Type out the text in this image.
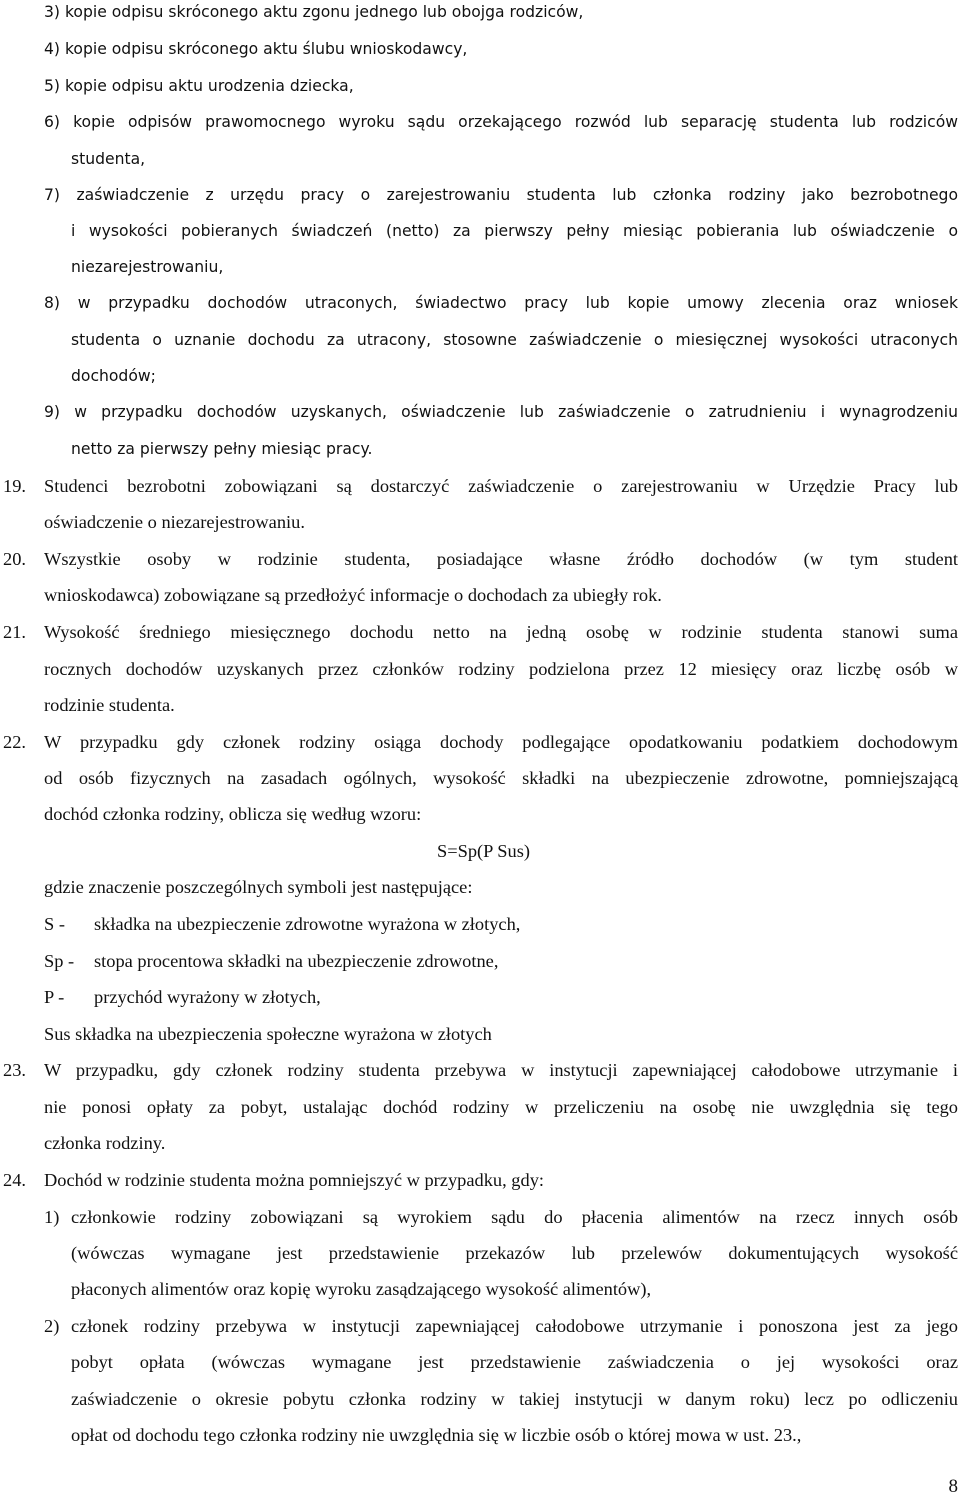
3) kopie odpisu skróconego aktu zgonu jednego lub obojga rodziców,
4) kopie odpisu skróconego aktu ślubu wnioskodawcy,
5) kopie odpisu aktu urodzenia dziecka,
6) kopie odpisów prawomocnego wyroku sądu orzekającego rozwód lub separację studenta lub rodziców
studenta,
7) zaświadczenie z urzędu pracy o zarejestrowaniu studenta lub członka rodziny jako bezrobotnego
i wysokości pobieranych świadczeń (netto) za pierwszy pełny miesiąc pobierania lub oświadczenie o
niezarejestrowaniu,
8) w przypadku dochodów utraconych, świadectwo pracy lub kopie umowy zlecenia oraz wniosek
studenta o uznanie dochodu za utracony, stosowne zaświadczenie o miesięcznej wysokości utraconych
dochodów;
9) w przypadku dochodów uzyskanych, oświadczenie lub zaświadczenie o zatrudnieniu i wynagrodzeniu
netto za pierwszy pełny miesiąc pracy.
19. Studenci bezrobotni zobowiązani są dostarczyć zaświadczenie o zarejestrowaniu w Urzędzie Pracy lub
oświadczenie o niezarejestrowaniu.
20. Wszystkie osoby w rodzinie studenta, posiadające własne źródło dochodów (w tym student
wnioskodawca) zobowiązane są przedłożyć informacje o dochodach za ubiegły rok.
21. Wysokość średniego miesięcznego dochodu netto na jedną osobę w rodzinie studenta stanowi suma
rocznych dochodów uzyskanych przez członków rodziny podzielona przez 12 miesięcy oraz liczbę osób w
rodzinie studenta.
22. W przypadku gdy członek rodziny osiąga dochody podlegające opodatkowaniu podatkiem dochodowym
od osób fizycznych na zasadach ogólnych, wysokość składki na ubezpieczenie zdrowotne, pomniejszającą
dochód członka rodziny, oblicza się według wzoru:
S=Sp(P Sus)
gdzie znaczenie poszczególnych symboli jest następujące:
S - składka na ubezpieczenie zdrowotne wyrażona w złotych,
Sp - stopa procentowa składki na ubezpieczenie zdrowotne,
P - przychód wyrażony w złotych,
Sus składka na ubezpieczenia społeczne wyrażona w złotych
23. W przypadku, gdy członek rodziny studenta przebywa w instytucji zapewniającej całodobowe utrzymanie i
nie ponosi opłaty za pobyt, ustalając dochód rodziny w przeliczeniu na osobę nie uwzględnia się tego
członka rodziny.
24. Dochód w rodzinie studenta można pomniejszyć w przypadku, gdy:
1) członkowie rodziny zobowiązani są wyrokiem sądu do płacenia alimentów na rzecz innych osób
(wówczas wymagane jest przedstawienie przekazów lub przelewów dokumentujących wysokość
płaconych alimentów oraz kopię wyroku zasądzającego wysokość alimentów),
2) członek rodziny przebywa w instytucji zapewniającej całodobowe utrzymanie i ponoszona jest za jego
pobyt opłata (wówczas wymagane jest przedstawienie zaświadczenia o jej wysokości oraz
zaświadczenie o okresie pobytu członka rodziny w takiej instytucji w danym roku) lecz po odliczeniu
opłat od dochodu tego członka rodziny nie uwzględnia się w liczbie osób o której mowa w ust. 23.,
8
